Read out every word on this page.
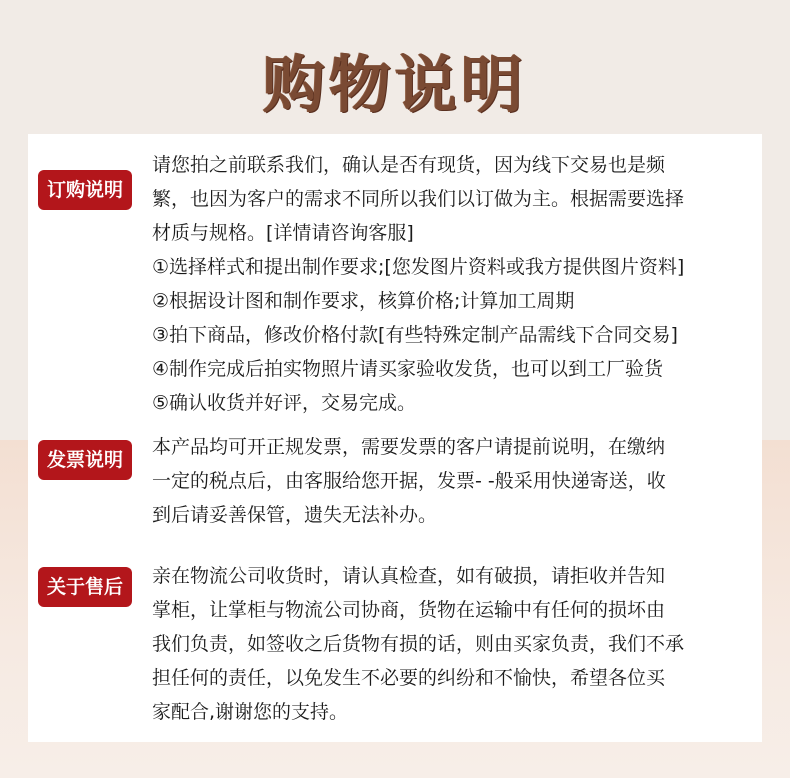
购物说明
订购说明
请您拍之前联系我们，确认是否有现货，因为线下交易也是频
繁，也因为客户的需求不同所以我们以订做为主。根据需要选择
材质与规格。[详情请咨询客服]
①选择样式和提出制作要求;[您发图片资料或我方提供图片资料]
②根据设计图和制作要求，核算价格;计算加工周期
③拍下商品，修改价格付款[有些特殊定制产品需线下合同交易]
④制作完成后拍实物照片请买家验收发货，也可以到工厂验货
⑤确认收货并好评，交易完成。
发票说明
本产品均可开正规发票，需要发票的客户请提前说明，在缴纳
一定的税点后，由客服给您开据，发票- -般采用快递寄送，收
到后请妥善保管，遗失无法补办。
关于售后	亲在物流公司收货时，请认真检查，如有破损，请拒收并告知
掌柜，让掌柜与物流公司协商，货物在运输中有任何的损坏由
我们负责，如签收之后货物有损的话，则由买家负责，我们不承
担任何的责任，以免发生不必要的纠纷和不愉快，希望各位买
家配合,谢谢您的支持。
